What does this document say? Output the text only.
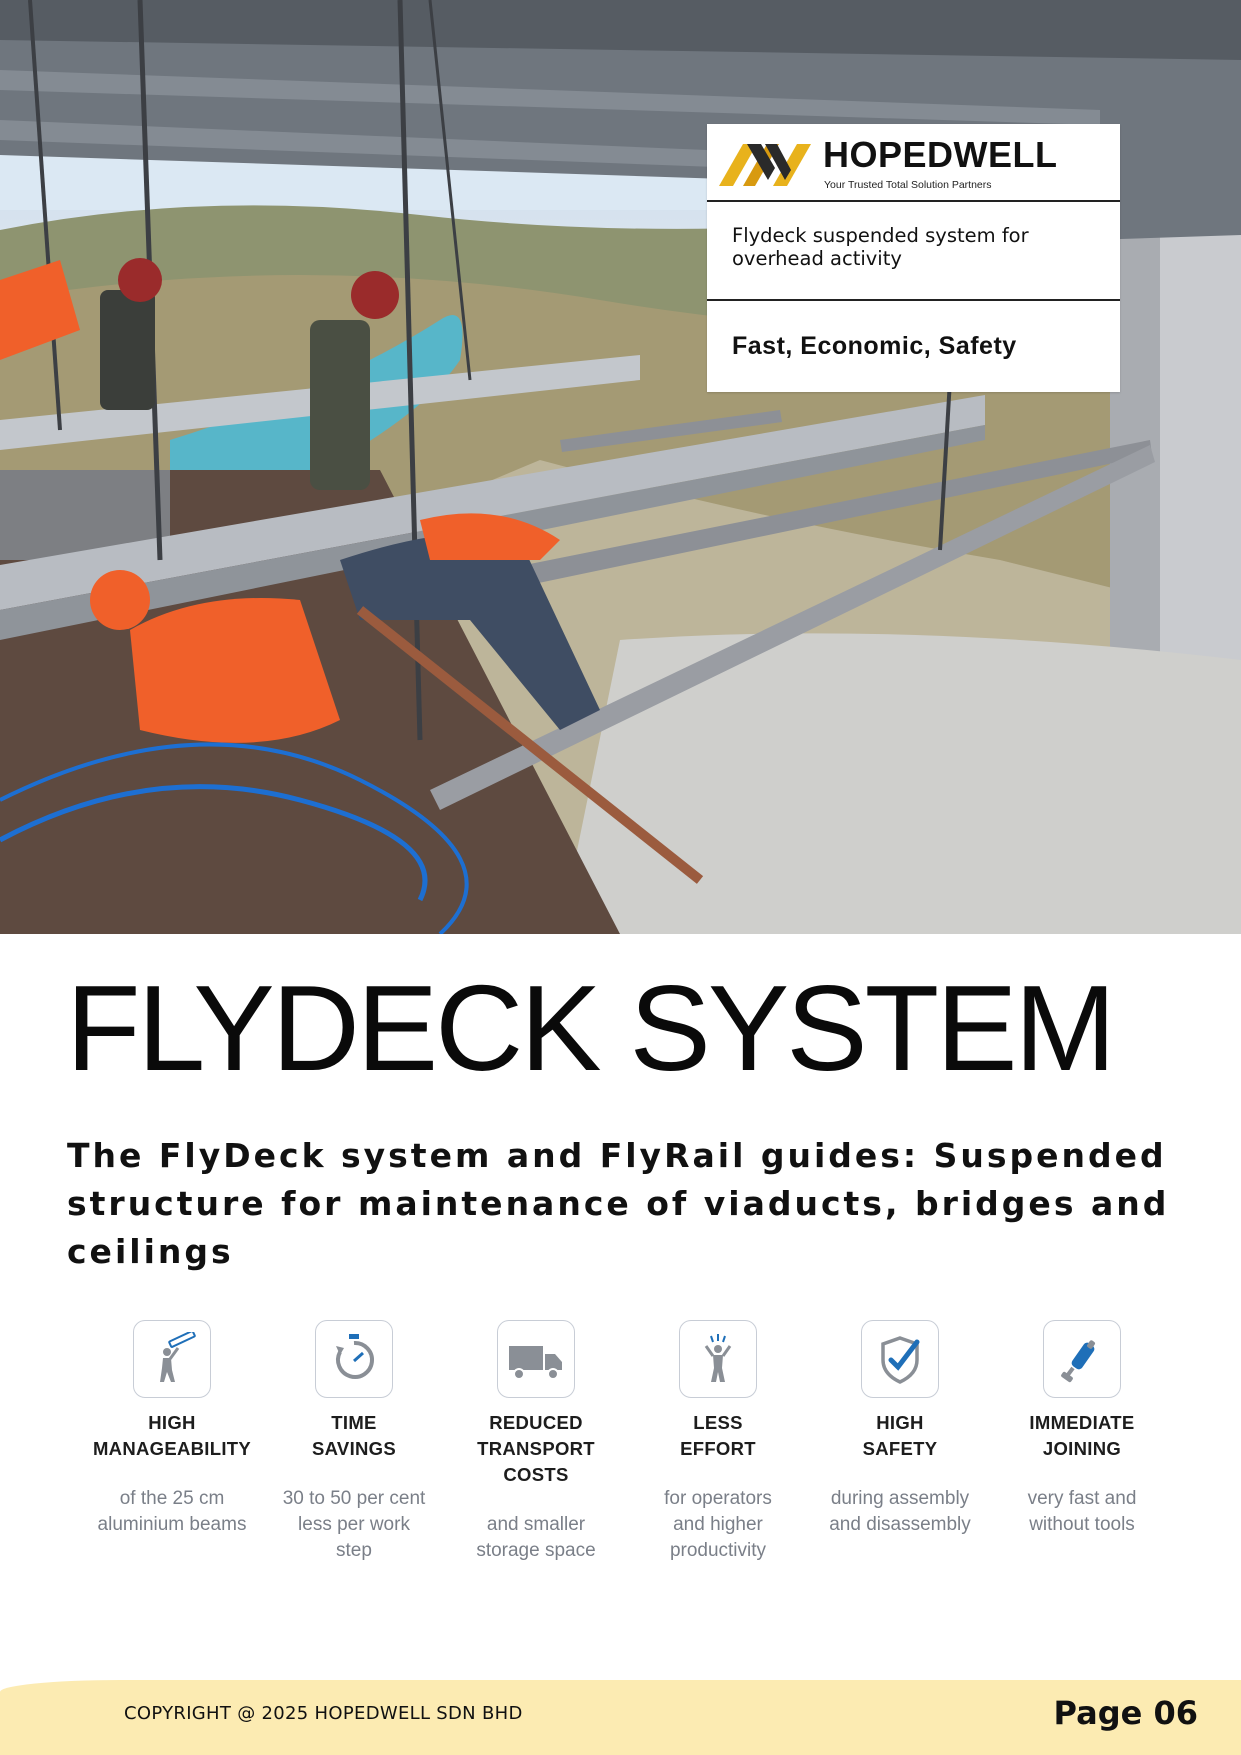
HOPEDWELL
Your Trusted Total Solution Partners
Flydeck suspended system for overhead activity
Fast, Economic, Safety
FLYDECK SYSTEM
The FlyDeck system and FlyRail guides: Suspended structure for maintenance of viaducts, bridges and ceilings
HIGH
MANAGEABILITY
of the 25 cm
aluminium beams
TIME
SAVINGS
30 to 50 per cent
less per work
step
REDUCED TRANSPORT
COSTS
and smaller
storage space
LESS
EFFORT
for operators
and higher
productivity
HIGH
SAFETY
during assembly
and disassembly
IMMEDIATE
JOINING
very fast and
without tools
COPYRIGHT @ 2025 HOPEDWELL SDN BHD	Page 06
